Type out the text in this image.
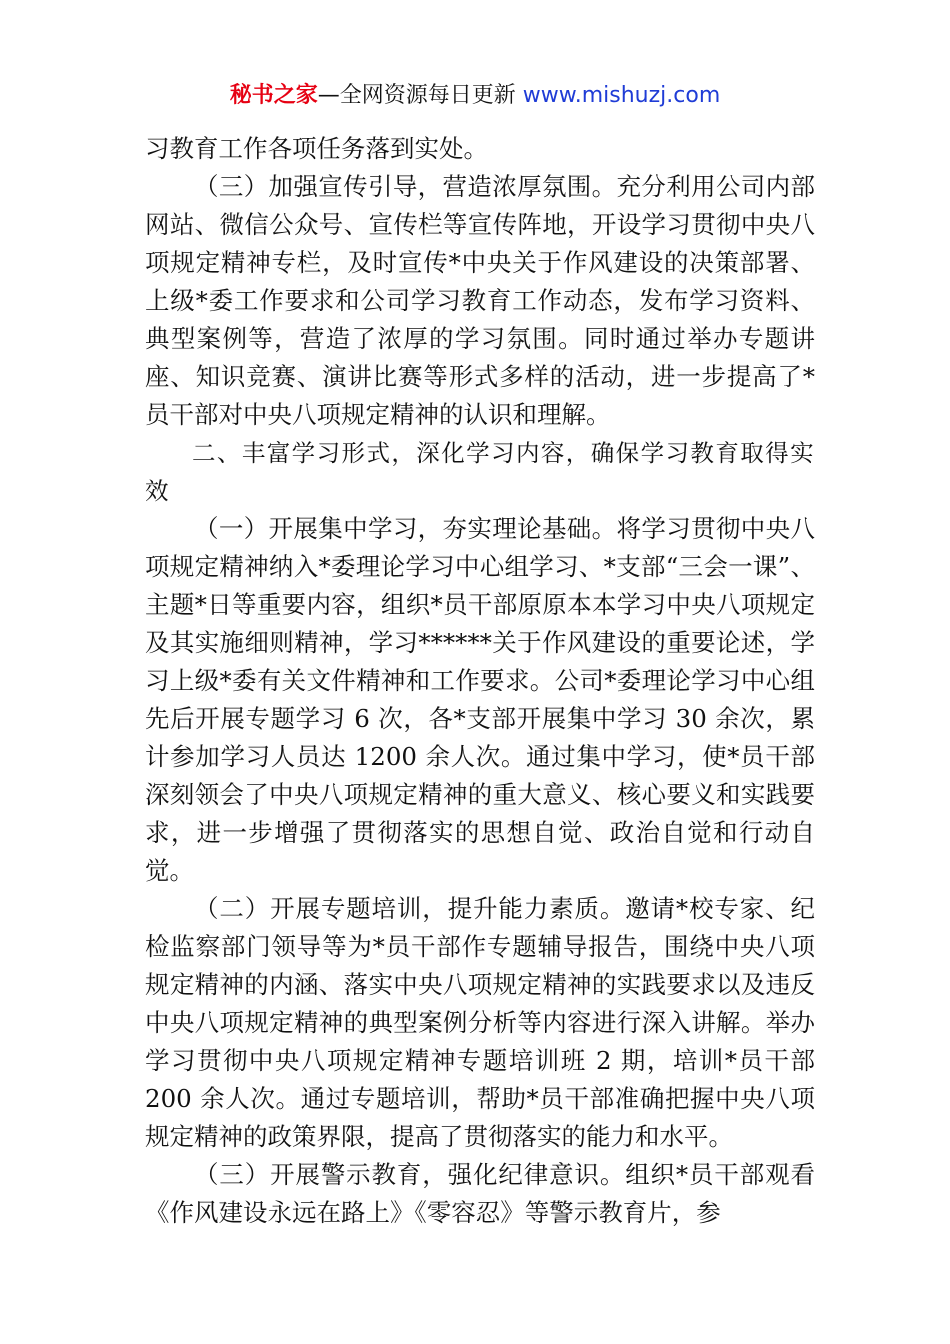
秘书之家—全网资源每日更新 www.mishuzj.com

习教育工作各项任务落到实处。

（三）加强宣传引导，营造浓厚氛围。充分利用公司内部网站、微信公众号、宣传栏等宣传阵地，开设学习贯彻中央八项规定精神专栏，及时宣传*中央关于作风建设的决策部署、上级*委工作要求和公司学习教育工作动态，发布学习资料、典型案例等，营造了浓厚的学习氛围。同时通过举办专题讲座、知识竞赛、演讲比赛等形式多样的活动，进一步提高了*员干部对中央八项规定精神的认识和理解。

二、丰富学习形式，深化学习内容，确保学习教育取得实效

（一）开展集中学习，夯实理论基础。将学习贯彻中央八项规定精神纳入*委理论学习中心组学习、*支部“三会一课”、主题*日等重要内容，组织*员干部原原本本学习中央八项规定及其实施细则精神，学习******关于作风建设的重要论述，学习上级*委有关文件精神和工作要求。公司*委理论学习中心组先后开展专题学习 6 次，各*支部开展集中学习 30 余次，累计参加学习人员达 1200 余人次。通过集中学习，使*员干部深刻领会了中央八项规定精神的重大意义、核心要义和实践要求，进一步增强了贯彻落实的思想自觉、政治自觉和行动自觉。

（二）开展专题培训，提升能力素质。邀请*校专家、纪检监察部门领导等为*员干部作专题辅导报告，围绕中央八项规定精神的内涵、落实中央八项规定精神的实践要求以及违反中央八项规定精神的典型案例分析等内容进行深入讲解。举办学习贯彻中央八项规定精神专题培训班 2 期，培训*员干部 200 余人次。通过专题培训，帮助*员干部准确把握中央八项规定精神的政策界限，提高了贯彻落实的能力和水平。

（三）开展警示教育，强化纪律意识。组织*员干部观看《作风建设永远在路上》《零容忍》等警示教育片，参
